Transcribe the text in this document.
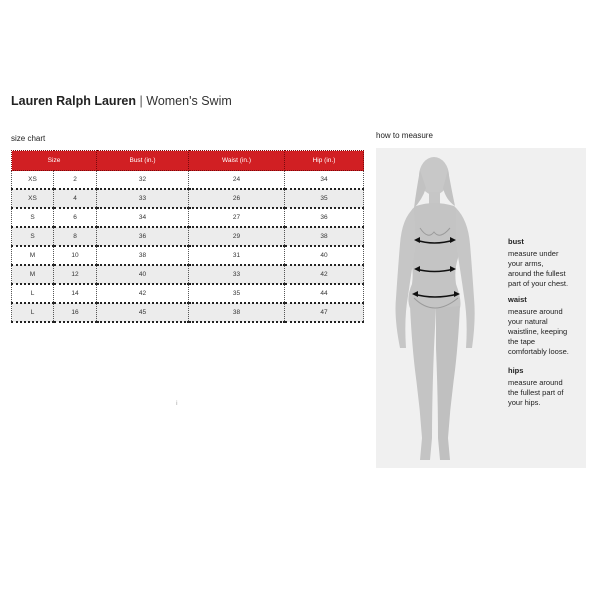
Lauren Ralph Lauren | Women's Swim
size chart	how to measure
Size		Bust (in.)	Waist (in.)	Hip (in.)
XS	2	32	24	34
XS	4	33	26	35
S	6	34	27	36
S	8	36	29	38
M	10	38	31	40
M	12	40	33	42
L	14	42	35	44
L	16	45	38	47
bust
measure under
your arms,
around the fullest
part of your chest.
waist
measure around
your natural
waistline, keeping
the tape
comfortably loose.
hips
measure around
the fullest part of
your hips.
ⅰ
